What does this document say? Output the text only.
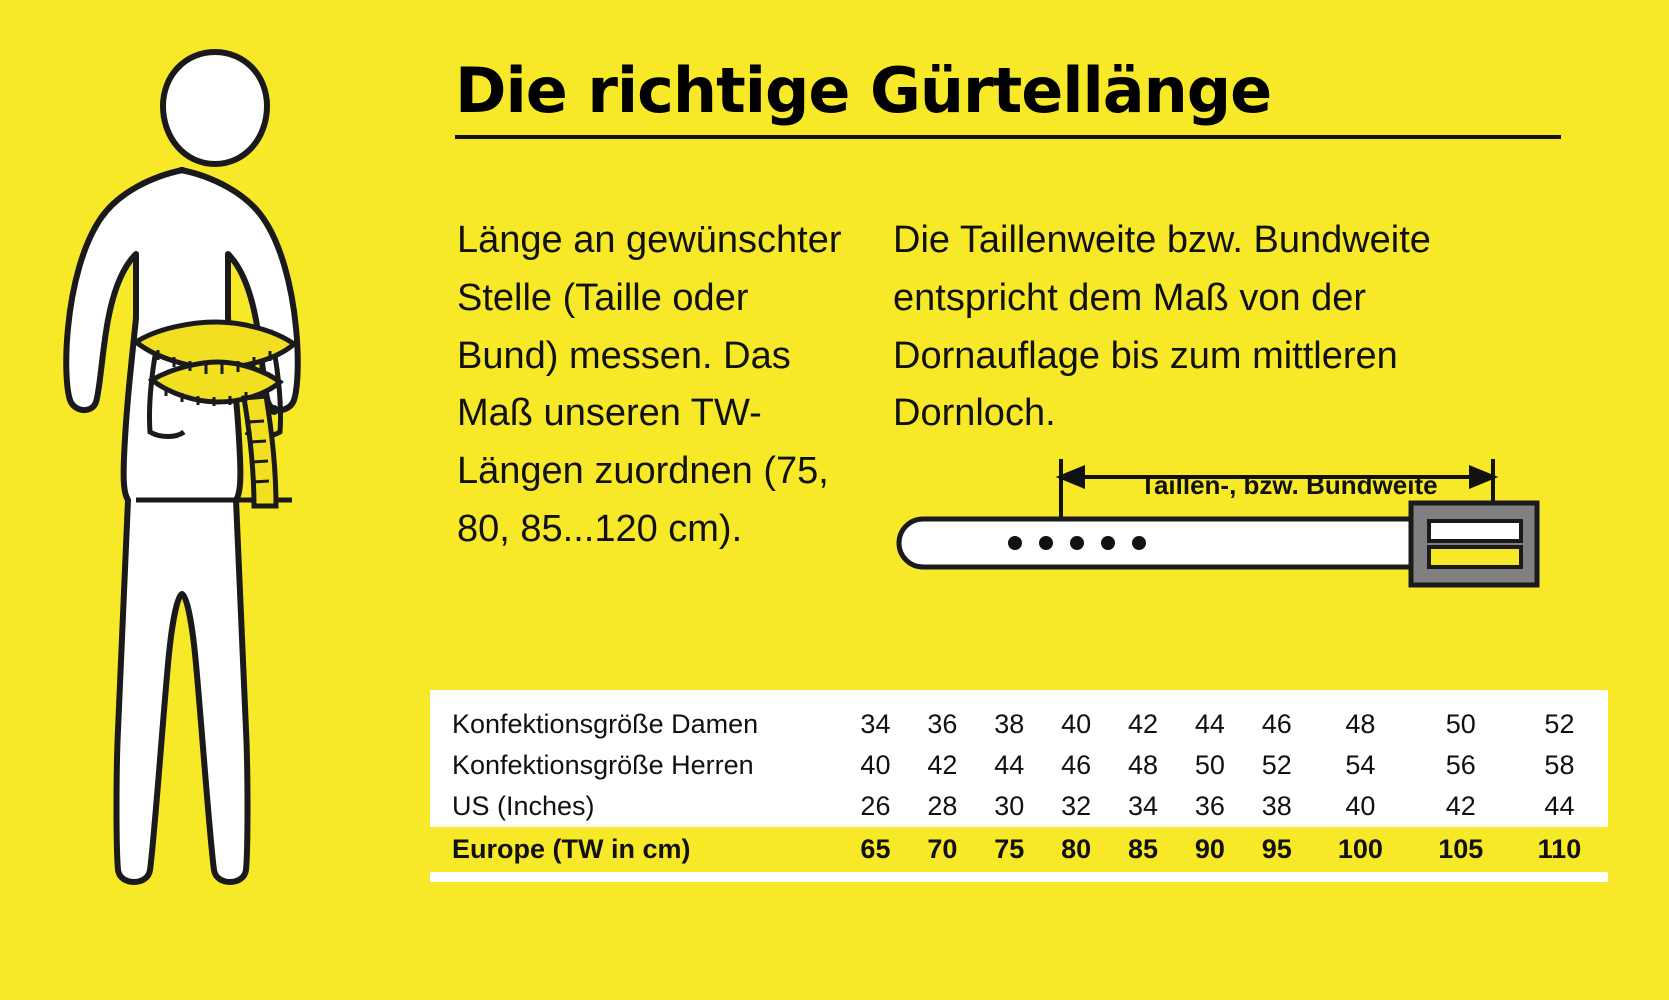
Die richtige Gürtellänge
Länge an gewünschter Stelle (Taille oder Bund) messen. Das Maß unseren TW-Längen zuordnen (75, 80, 85...120 cm).
Die Taillenweite bzw. Bundweite entspricht dem Maß von der Dornauflage bis zum mittleren Dornloch.
Taillen-, bzw. Bundweite
Konfektionsgröße Damen	34	36	38	40	42	44	46	48	50	52
Konfektionsgröße Herren	40	42	44	46	48	50	52	54	56	58
US (Inches)	26	28	30	32	34	36	38	40	42	44
Europe (TW in cm)	65	70	75	80	85	90	95	100	105	110
